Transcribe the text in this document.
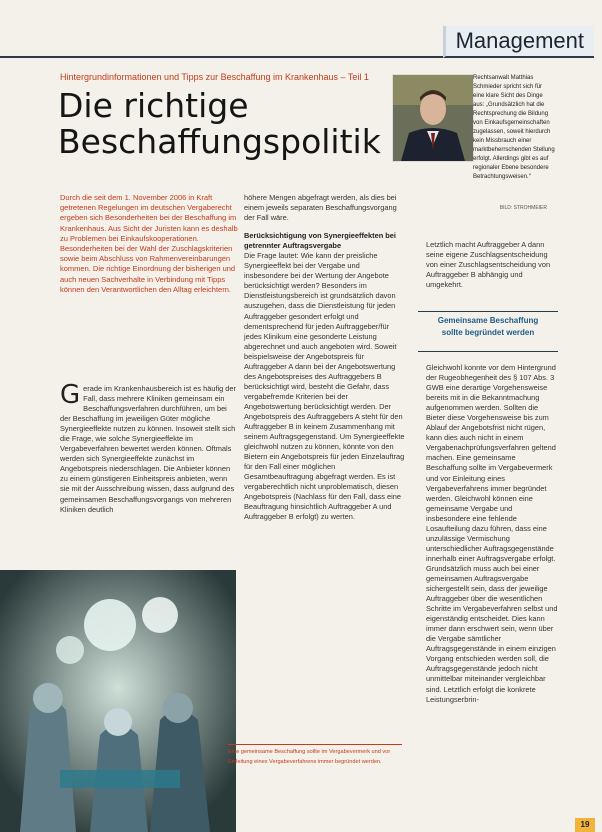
Management
Hintergrundinformationen und Tipps zur Beschaffung im Krankenhaus – Teil 1
Die richtige
Beschaffungspolitik
Rechtsanwalt Matthias Schmieder spricht sich für eine klare Sicht des Dinge aus: „Grundsätzlich hat die Rechtsprechung die Bildung von Einkaufsgemeinschaften zugelassen, soweit hierdurch kein Missbrauch einer marktbeherrschenden Stellung erfolgt. Allerdings gibt es auf regionaler Ebene besondere Betrachtungsweisen.“
BILD: STROHMEIER
Durch die seit dem 1. November 2006 in Kraft getretenen Regelungen im deutschen Vergaberecht ergeben sich Besonderheiten bei der Beschaffung im Krankenhaus. Aus Sicht der Juristen kann es deshalb zu Problemen bei Einkaufskooperationen. Besonderheiten bei der Wahl der Zuschlagskriterien sowie beim Abschluss von Rahmenvereinbarungen kommen. Die richtige Einordnung der bisherigen und auch neuen Sachverhalte in Verbindung mit Tipps können den Verantwortlichen den Alltag erleichtern.
G erade im Krankenhausbereich ist es häufig der Fall, dass mehrere Kliniken gemeinsam ein Beschaffungsverfahren durchführen, um bei der Beschaffung im jeweiligen Güter mögliche Synergieeffekte nutzen zu können. Insoweit stellt sich die Frage, wie solche Synergieeffekte im Vergabeverfahren bewertet werden können. Oftmals werden sich Synergieeffekte zunächst im Angebotspreis niederschlagen. Die Anbieter können zu einem günstigeren Einheitspreis anbieten, wenn sie mit der Ausschreibung wissen, dass aufgrund des gemeinsamen Beschaffungsvorgangs von mehreren Kliniken deutlich
höhere Mengen abgefragt werden, als dies bei einem jeweils separaten Beschaffungsvorgang der Fall wäre.
Berücksichtigung von Synergieeffekten bei getrennter Auftragsvergabe
Die Frage lautet: Wie kann der preisliche Synergieeffekt bei der Vergabe und insbesondere bei der Wertung der Angebote berücksichtigt werden? Besonders im Dienstleistungsbereich ist grundsätzlich davon auszugehen, dass die Dienstleistung für jeden Auftraggeber gesondert erfolgt und dementsprechend für jeden Auftraggeber/für jedes Klinikum eine gesonderte Leistung abgerechnet und auch angeboten wird. Soweit beispielsweise der Angebotspreis für Auftraggeber A dann bei der Angebotswertung des Angebotspreises des Auftraggebers B berücksichtigt wird, besteht die Gefahr, dass vergabefremde Kriterien bei der Angebotswertung berücksichtigt werden. Der Angebotspreis des Auftraggebers A steht für den Auftraggeber B in keinem Zusammenhang mit seinem Auftragsgegenstand. Um Synergieeffekte gleichwohl nutzen zu können, könnte von den Bietern ein Angebotspreis für jeden Einzelauftrag für den Fall einer möglichen Gesamtbeauftragung abgefragt werden. Es ist vergaberechtlich nicht unproblematisch, diesen Angebotspreis (Nachlass für den Fall, dass eine Beauftragung hinsichtlich Auftraggeber A und Auftraggeber B erfolgt) zu werten.
Letztlich macht Auftraggeber A dann seine eigene Zuschlagsentscheidung von einer Zuschlagsentscheidung von Auftraggeber B abhängig und umgekehrt.
Gemeinsame Beschaffung
sollte begründet werden
Gleichwohl konnte vor dem Hintergrund der Rugeobhegenheit des § 107 Abs. 3 GWB eine derartige Vorgehensweise bereits mit in die Bekanntmachung aufgenommen werden. Sollten die Bieter diese Vorgehensweise bis zum Ablauf der Angebotsfrist nicht rügen, kann dies auch nicht in einem Vergabenachprüfungsverfahren geltend machen. Eine gemeinsame Beschaffung sollte im Vergabevermerk und vor Einleitung eines Vergabeverfahrens immer begründet werden. Gleichwohl können eine gemeinsame Vergabe und insbesondere eine fehlende Losaufteilung dazu führen, dass eine unzulässige Vermischung unterschiedlicher Auftragsgegenstände innerhalb einer Auftragsvergabe erfolgt. Grundsätzlich muss auch bei einer gemeinsamen Auftragsvergabe sichergestellt sein, dass der jeweilige Auftraggeber über die wesentlichen Schritte im Vergabeverfahren selbst und eigenständig entscheidet. Dies kann immer dann erschwert sein, wenn über die Vergabe sämtlicher Auftragsgegenstände in einem einzigen Vorgang entschieden werden soll, die Auftragsgegenstände jedoch nicht unmittelbar miteinander vergleichbar sind. Letztlich erfolgt die konkrete Leistungserbrin-
Eine gemeinsame Beschaffung sollte im Vergabevermerk und vor Einleitung eines Vergabeverfahrens immer begründet werden.
19
